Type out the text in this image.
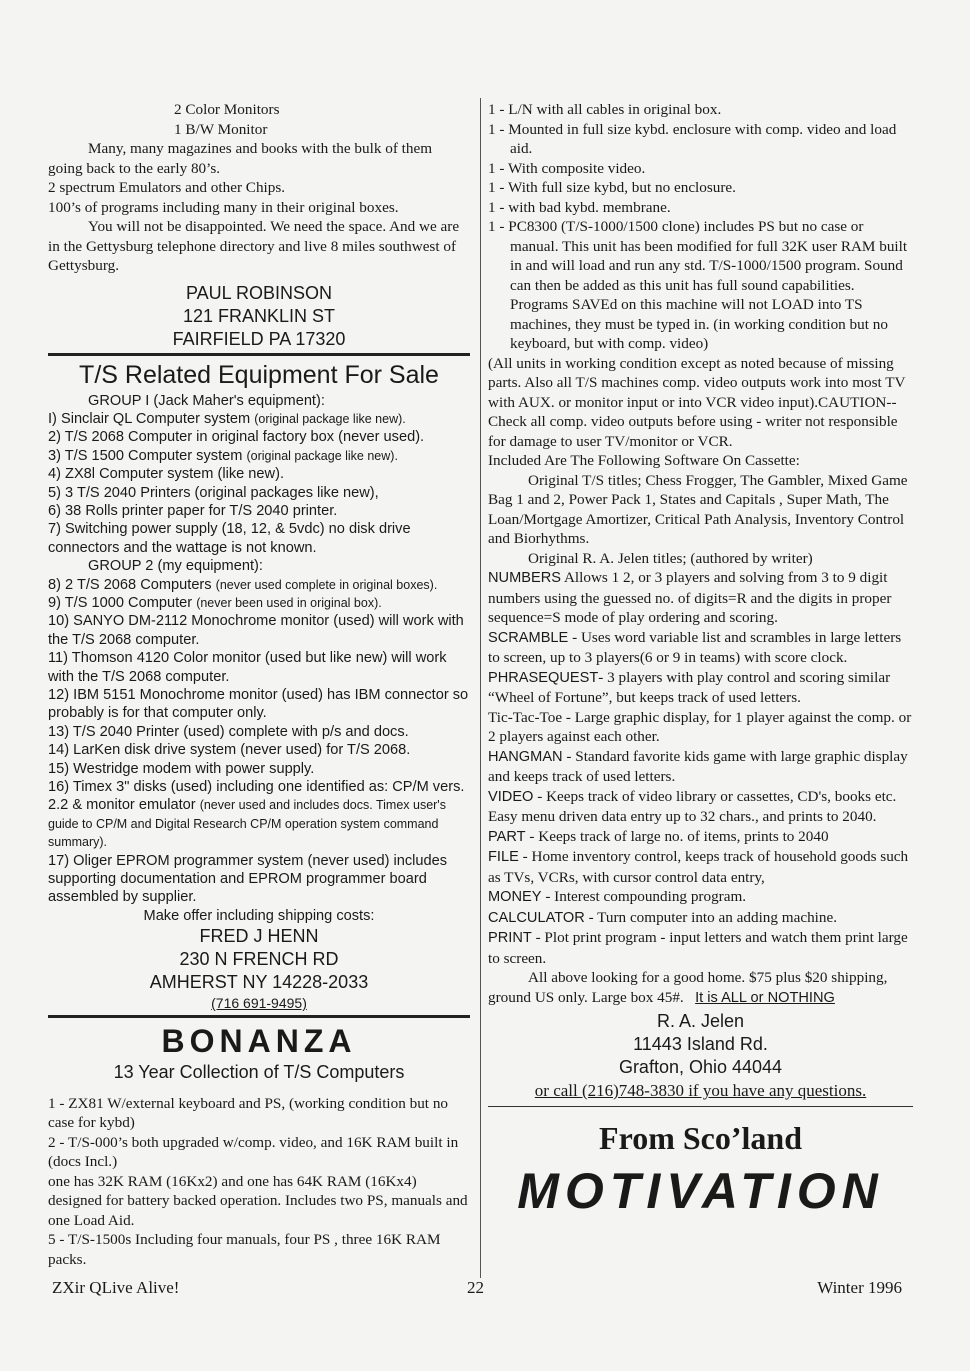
2 Color Monitors
1 B/W Monitor
Many, many magazines and books with the bulk of them going back to the early 80’s.
2 spectrum Emulators and other Chips.
100’s of programs including many in their original boxes.
You will not be disappointed. We need the space. And we are in the Gettysburg telephone directory and live 8 miles southwest of Gettysburg.
PAUL ROBINSON
121 FRANKLIN ST
FAIRFIELD PA 17320
T/S Related Equipment For Sale
GROUP I (Jack Maher's equipment):
I) Sinclair QL Computer system (original package like new).
2) T/S 2068 Computer in original factory box (never used).
3) T/S 1500 Computer system (original package like new).
4) ZX8l Computer system (like new).
5) 3 T/S 2040 Printers (original packages like new),
6) 38 Rolls printer paper for T/S 2040 printer.
7) Switching power supply (18, 12, & 5vdc) no disk drive connectors and the wattage is not known.
GROUP 2 (my equipment):
8) 2 T/S 2068 Computers (never used complete in original boxes).
9) T/S 1000 Computer (never been used in original box).
10) SANYO DM-2112 Monochrome monitor (used) will work with the T/S 2068 computer.
11) Thomson 4120 Color monitor (used but like new) will work with the T/S 2068 computer.
12) IBM 5151 Monochrome monitor (used) has IBM connector so probably is for that computer only.
13) T/S 2040 Printer (used) complete with p/s and docs.
14) LarKen disk drive system (never used) for T/S 2068.
15) Westridge modem with power supply.
16) Timex 3" disks (used) including one identified as: CP/M vers. 2.2 & monitor emulator (never used and includes docs. Timex user's guide to CP/M and Digital Research CP/M operation system command summary).
17) Oliger EPROM programmer system (never used) includes supporting documentation and EPROM programmer board assembled by supplier.
Make offer including shipping costs:
FRED J HENN
230 N FRENCH RD
AMHERST NY 14228-2033
(716 691-9495)
BONANZA
13 Year Collection of T/S Computers
1 - ZX81 W/external keyboard and PS, (working condition but no case for kybd)
2 - T/S-000’s both upgraded w/comp. video, and 16K RAM built in (docs Incl.)
one has 32K RAM (16Kx2) and one has 64K RAM (16Kx4) designed for battery backed operation. Includes two PS, manuals and one Load Aid.
5 - T/S-1500s Including four manuals, four PS , three 16K RAM packs.
1 - L/N with all cables in original box.
1 - Mounted in full size kybd. enclosure with comp. video and load aid.
1 - With composite video.
1 - With full size kybd, but no enclosure.
1 - with bad kybd. membrane.
1 - PC8300 (T/S-1000/1500 clone) includes PS but no case or manual. This unit has been modified for full 32K user RAM built in and will load and run any std. T/S-1000/1500 program. Sound can then be added as this unit has full sound capabilities. Programs SAVEd on this machine will not LOAD into TS machines, they must be typed in. (in working condition but no keyboard, but with comp. video)
(All units in working condition except as noted because of missing parts. Also all T/S machines comp. video outputs work into most TV with AUX. or monitor input or into VCR video input).CAUTION--Check all comp. video outputs before using - writer not responsible for damage to user TV/monitor or VCR.
Included Are The Following Software On Cassette:
Original T/S titles; Chess Frogger, The Gambler, Mixed Game Bag 1 and 2, Power Pack 1, States and Capitals , Super Math, The Loan/Mortgage Amortizer, Critical Path Analysis, Inventory Control and Biorhythms.
Original R. A. Jelen titles; (authored by writer)
NUMBERS Allows 1 2, or 3 players and solving from 3 to 9 digit numbers using the guessed no. of digits=R and the digits in proper sequence=S mode of play ordering and scoring.
SCRAMBLE - Uses word variable list and scrambles in large letters to screen, up to 3 players(6 or 9 in teams) with score clock.
PHRASEQUEST- 3 players with play control and scoring similar “Wheel of Fortune”, but keeps track of used letters.
Tic-Tac-Toe - Large graphic display, for 1 player against the comp. or 2 players against each other.
HANGMAN - Standard favorite kids game with large graphic display and keeps track of used letters.
VIDEO - Keeps track of video library or cassettes, CD's, books etc. Easy menu driven data entry up to 32 chars., and prints to 2040.
PART - Keeps track of large no. of items, prints to 2040
FILE - Home inventory control, keeps track of household goods such as TVs, VCRs, with cursor control data entry,
MONEY - Interest compounding program.
CALCULATOR - Turn computer into an adding machine.
PRINT - Plot print program - input letters and watch them print large to screen.
All above looking for a good home. $75 plus $20 shipping, ground US only. Large box 45#. It is ALL or NOTHING
R. A. Jelen
11443 Island Rd.
Grafton, Ohio 44044
or call (216)748-3830 if you have any questions.
From Sco’land
MOTIVATION
ZXir QLive Alive!	22	Winter 1996
